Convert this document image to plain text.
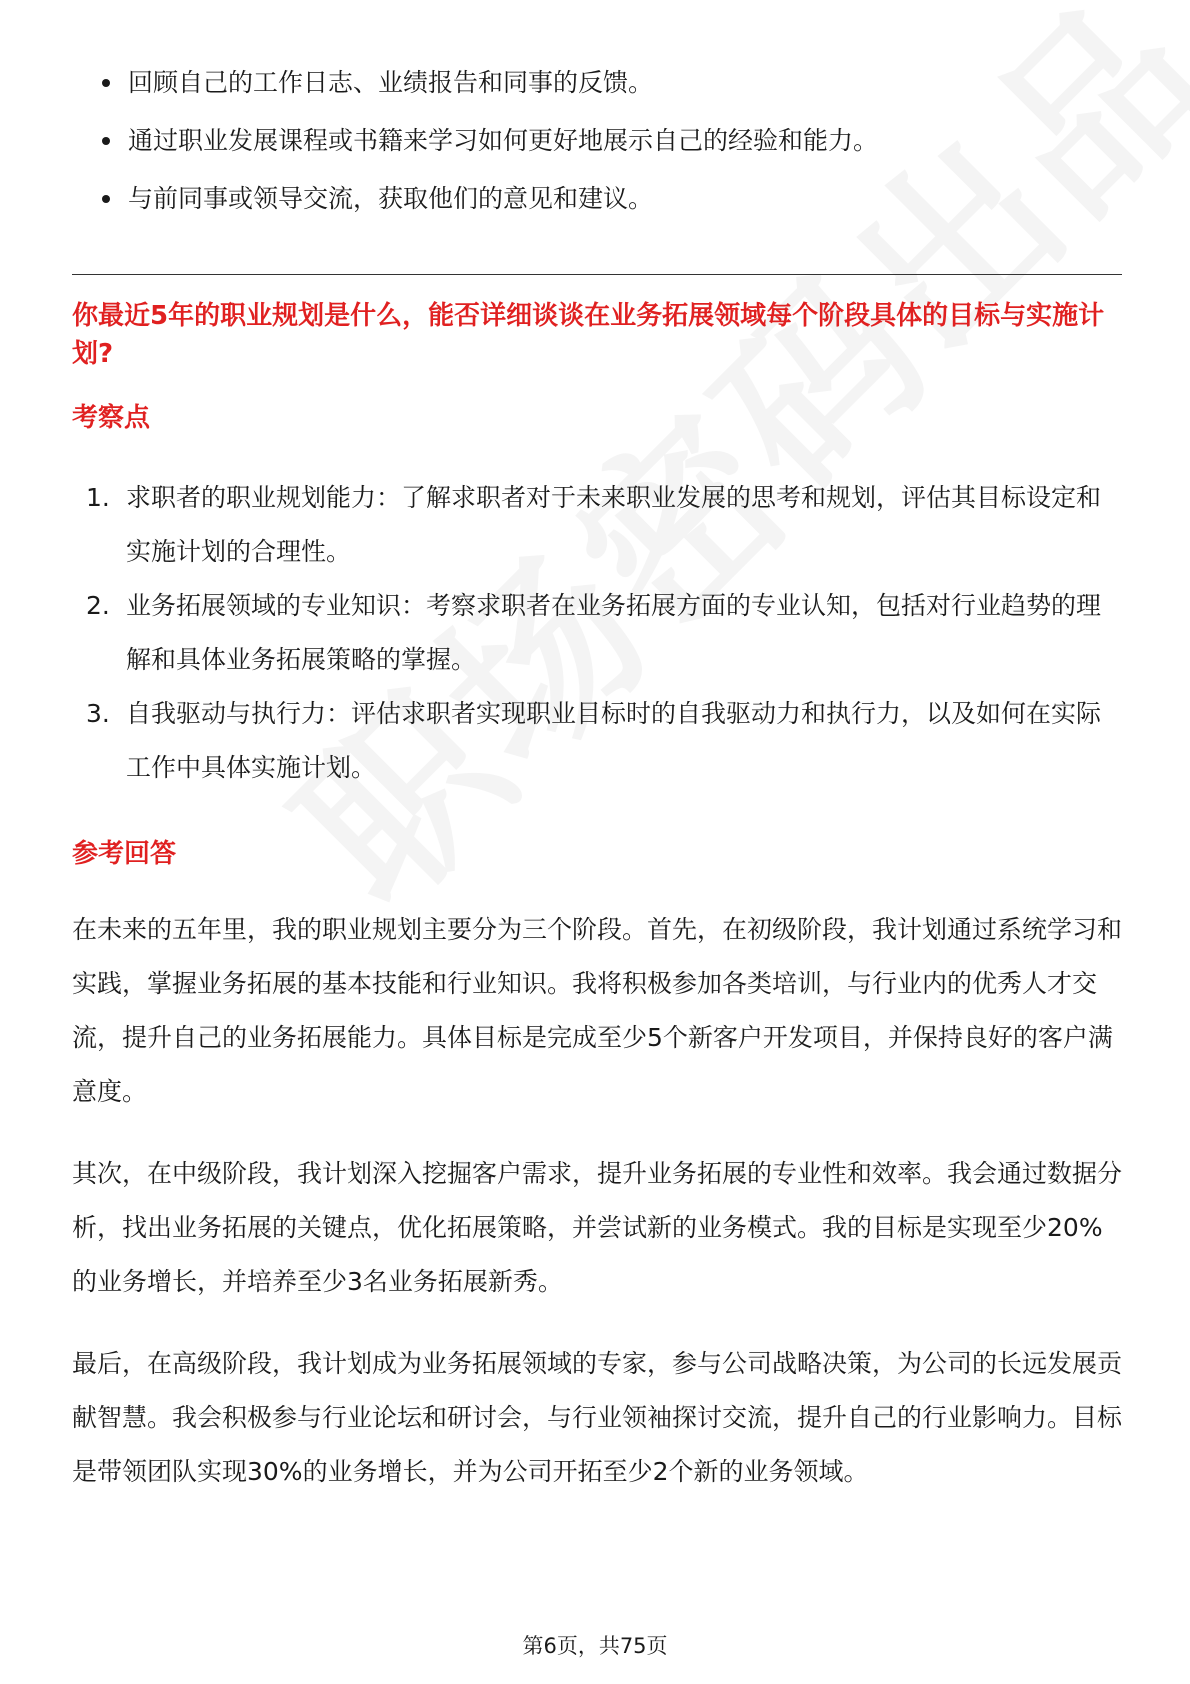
回顾自己的工作日志、业绩报告和同事的反馈。
通过职业发展课程或书籍来学习如何更好地展示自己的经验和能力。
与前同事或领导交流，获取他们的意见和建议。
你最近5年的职业规划是什么，能否详细谈谈在业务拓展领域每个阶段具体的目标与实施计划?
考察点
1. 求职者的职业规划能力：了解求职者对于未来职业发展的思考和规划，评估其目标设定和实施计划的合理性。
2. 业务拓展领域的专业知识：考察求职者在业务拓展方面的专业认知，包括对行业趋势的理解和具体业务拓展策略的掌握。
3. 自我驱动与执行力：评估求职者实现职业目标时的自我驱动力和执行力，以及如何在实际工作中具体实施计划。
参考回答

在未来的五年里，我的职业规划主要分为三个阶段。首先，在初级阶段，我计划通过系统学习和实践，掌握业务拓展的基本技能和行业知识。我将积极参加各类培训，与行业内的优秀人才交流，提升自己的业务拓展能力。具体目标是完成至少5个新客户开发项目，并保持良好的客户满意度。

其次，在中级阶段，我计划深入挖掘客户需求，提升业务拓展的专业性和效率。我会通过数据分析，找出业务拓展的关键点，优化拓展策略，并尝试新的业务模式。我的目标是实现至少20%的业务增长，并培养至少3名业务拓展新秀。

最后，在高级阶段，我计划成为业务拓展领域的专家，参与公司战略决策，为公司的长远发展贡献智慧。我会积极参与行业论坛和研讨会，与行业领袖探讨交流，提升自己的行业影响力。目标是带领团队实现30%的业务增长，并为公司开拓至少2个新的业务领域。

第6页，共75页
